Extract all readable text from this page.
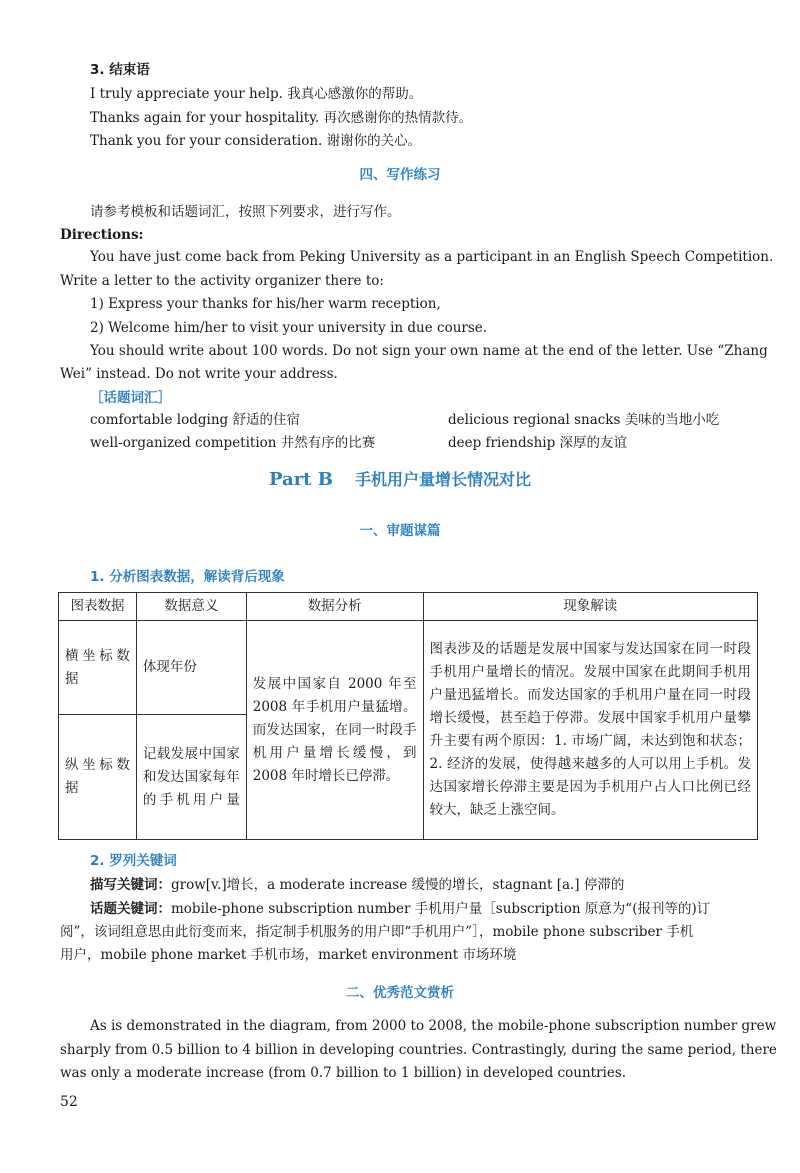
3. 结束语
I truly appreciate your help. 我真心感激你的帮助。
Thanks again for your hospitality. 再次感谢你的热情款待。
Thank you for your consideration. 谢谢你的关心。
四、写作练习
请参考模板和话题词汇，按照下列要求，进行写作。
Directions:
You have just come back from Peking University as a participant in an English Speech Competition.
Write a letter to the activity organizer there to:
1) Express your thanks for his/her warm reception,
2) Welcome him/her to visit your university in due course.
You should write about 100 words. Do not sign your own name at the end of the letter. Use “Zhang
Wei” instead. Do not write your address.
［话题词汇］
comfortable lodging 舒适的住宿	delicious regional snacks 美味的当地小吃
well-organized competition 井然有序的比赛	deep friendship 深厚的友谊
Part B 手机用户量增长情况对比
一、审题谋篇
1. 分析图表数据，解读背后现象
图表数据	数据意义	数据分析	现象解读
横坐标数据	体现年份	发展中国家自 2000 年至 2008 年手机用户量猛增。而发达国家，在同一时段手机用户量增长缓慢，到 2008 年时增长已停滞。	图表涉及的话题是发展中国家与发达国家在同一时段手机用户量增长的情况。发展中国家在此期间手机用户量迅猛增长。而发达国家的手机用户量在同一时段增长缓慢，甚至趋于停滞。发展中国家手机用户量攀升主要有两个原因：1. 市场广阔，未达到饱和状态；2. 经济的发展，使得越来越多的人可以用上手机。发达国家增长停滞主要是因为手机用户占人口比例已经较大，缺乏上涨空间。
纵坐标数据	记载发展中国家和发达国家每年的手机用户量		
2. 罗列关键词
描写关键词：grow[v.]增长，a moderate increase 缓慢的增长，stagnant [a.] 停滞的
话题关键词：mobile-phone subscription number 手机用户量［subscription 原意为“(报刊等的)订
阅”，该词组意思由此衍变而来，指定制手机服务的用户即“手机用户”］，mobile phone subscriber 手机
用户，mobile phone market 手机市场，market environment 市场环境
二、优秀范文赏析
As is demonstrated in the diagram, from 2000 to 2008, the mobile-phone subscription number grew
sharply from 0.5 billion to 4 billion in developing countries. Contrastingly, during the same period, there
was only a moderate increase (from 0.7 billion to 1 billion) in developed countries.
52
